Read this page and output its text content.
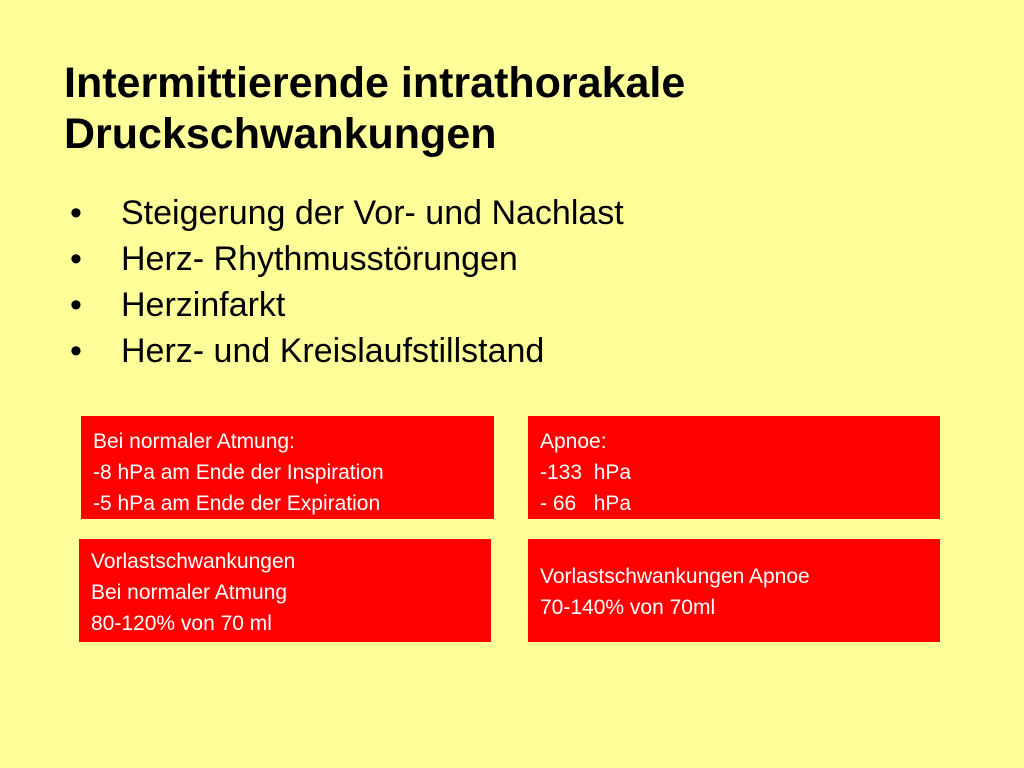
Intermittierende intrathorakale
Druckschwankungen
•	Steigerung der Vor- und Nachlast
•	Herz- Rhythmusstörungen
•	Herzinfarkt
•	Herz- und Kreislaufstillstand
Bei normaler Atmung:
-8 hPa am Ende der Inspiration
-5 hPa am Ende der Expiration
Apnoe:
-133  hPa
- 66   hPa
Vorlastschwankungen
Bei normaler Atmung
80-120% von 70 ml
Vorlastschwankungen Apnoe
70-140% von 70ml
